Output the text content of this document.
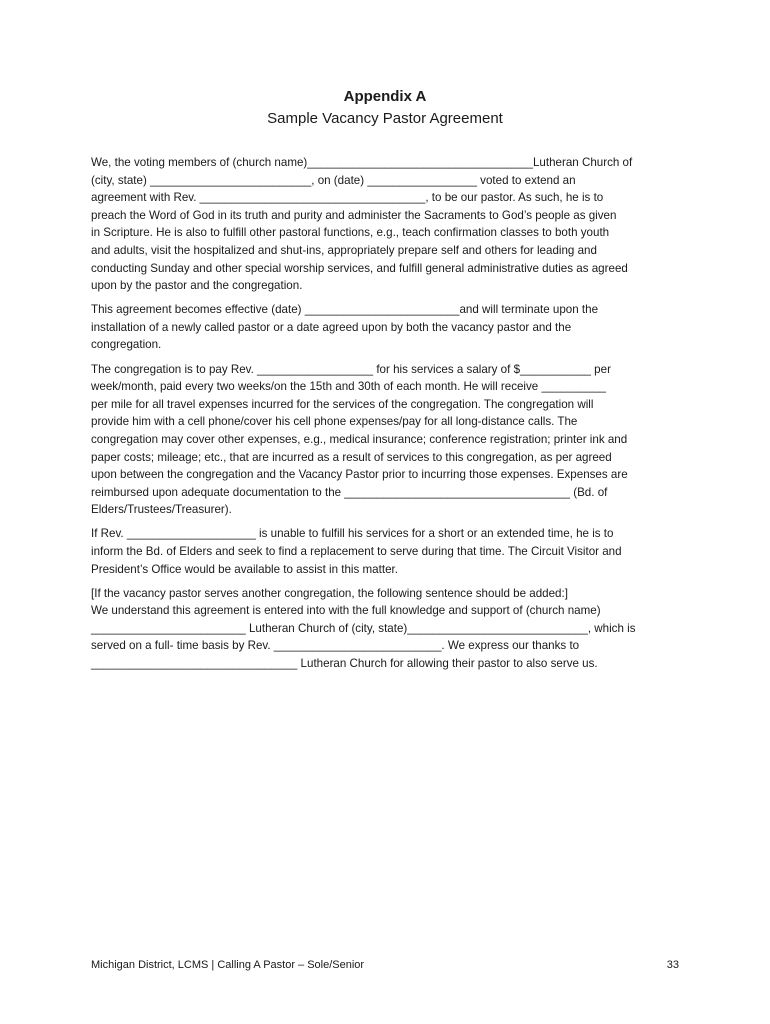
Appendix A
Sample Vacancy Pastor Agreement

We, the voting members of (church name)___________________________________Lutheran Church of
(city, state) _________________________, on (date) _________________ voted to extend an
agreement with Rev. ___________________________________, to be our pastor. As such, he is to
preach the Word of God in its truth and purity and administer the Sacraments to God’s people as given
in Scripture. He is also to fulfill other pastoral functions, e.g., teach confirmation classes to both youth
and adults, visit the hospitalized and shut-ins, appropriately prepare self and others for leading and
conducting Sunday and other special worship services, and fulfill general administrative duties as agreed
upon by the pastor and the congregation.

This agreement becomes effective (date) ________________________and will terminate upon the
installation of a newly called pastor or a date agreed upon by both the vacancy pastor and the
congregation.

The congregation is to pay Rev. __________________ for his services a salary of $___________ per
week/month, paid every two weeks/on the 15th and 30th of each month. He will receive __________
per mile for all travel expenses incurred for the services of the congregation. The congregation will
provide him with a cell phone/cover his cell phone expenses/pay for all long-distance calls. The
congregation may cover other expenses, e.g., medical insurance; conference registration; printer ink and
paper costs; mileage; etc., that are incurred as a result of services to this congregation, as per agreed
upon between the congregation and the Vacancy Pastor prior to incurring those expenses. Expenses are
reimbursed upon adequate documentation to the ___________________________________ (Bd. of
Elders/Trustees/Treasurer).

If Rev. ____________________ is unable to fulfill his services for a short or an extended time, he is to
inform the Bd. of Elders and seek to find a replacement to serve during that time. The Circuit Visitor and
President’s Office would be available to assist in this matter.

[If the vacancy pastor serves another congregation, the following sentence should be added:]
We understand this agreement is entered into with the full knowledge and support of (church name)
________________________ Lutheran Church of (city, state)____________________________, which is
served on a full- time basis by Rev. __________________________. We express our thanks to
________________________________ Lutheran Church for allowing their pastor to also serve us.

Michigan District, LCMS | Calling A Pastor – Sole/Senior	33
